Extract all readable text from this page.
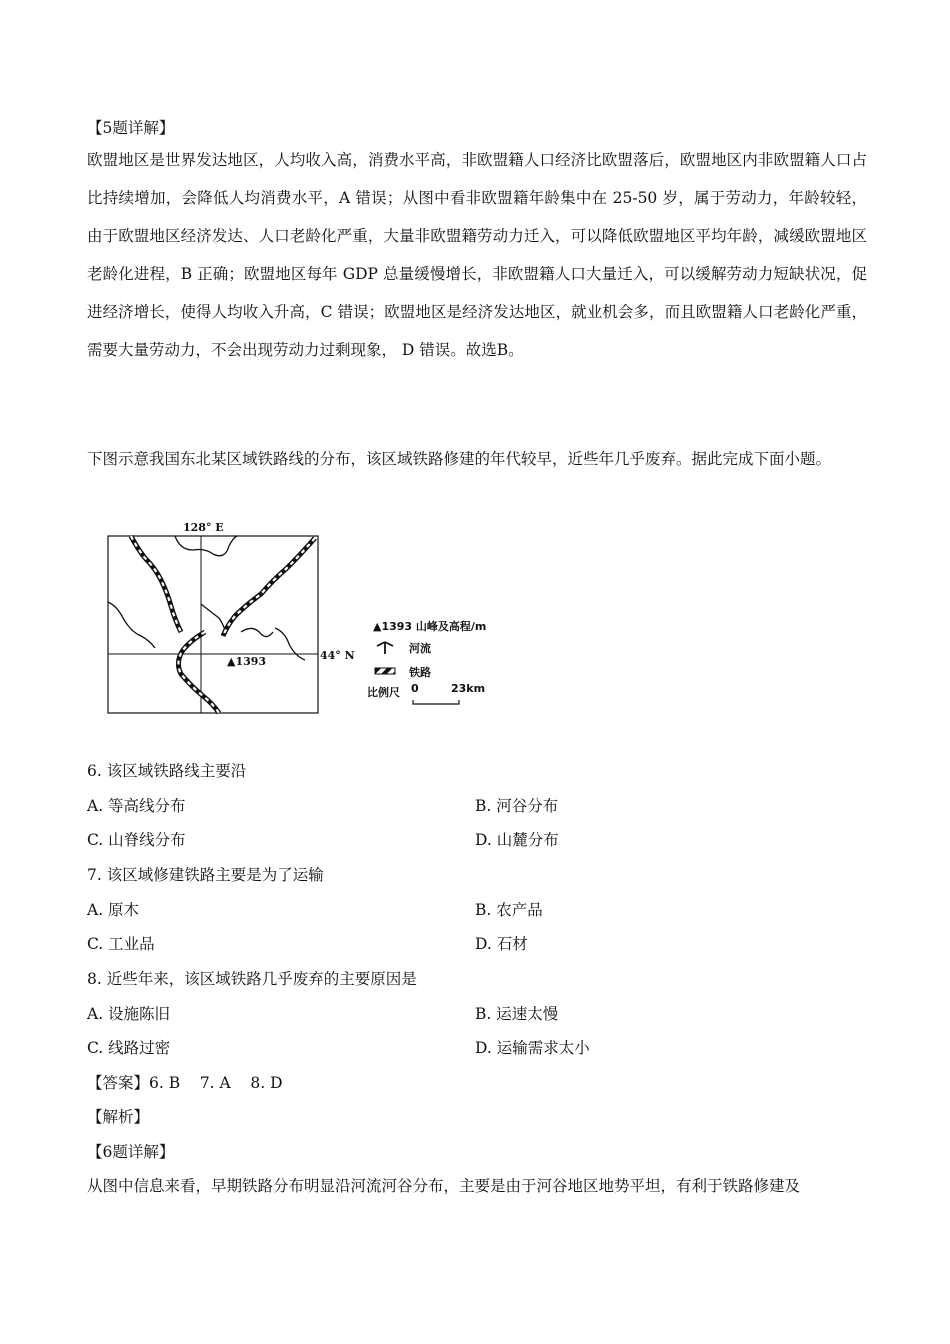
【5题详解】
欧盟地区是世界发达地区，人均收入高，消费水平高，非欧盟籍人口经济比欧盟落后，欧盟地区内非欧盟籍人口占比持续增加，会降低人均消费水平，A 错误；从图中看非欧盟籍年龄集中在 25-50 岁，属于劳动力，年龄较轻，由于欧盟地区经济发达、人口老龄化严重，大量非欧盟籍劳动力迁入，可以降低欧盟地区平均年龄，减缓欧盟地区老龄化进程，B 正确；欧盟地区每年 GDP 总量缓慢增长，非欧盟籍人口大量迁入，可以缓解劳动力短缺状况，促进经济增长，使得人均收入升高，C 错误；欧盟地区是经济发达地区，就业机会多，而且欧盟籍人口老龄化严重，需要大量劳动力，不会出现劳动力过剩现象， D 错误。故选B。
下图示意我国东北某区域铁路线的分布，该区域铁路修建的年代较早，近些年几乎废弃。据此完成下面小题。
128° E
44° N
▲1393
▲1393 山峰及高程/m
河流
铁路
比例尺 0	23km
6. 该区域铁路线主要沿
A. 等高线分布	B. 河谷分布
C. 山脊线分布	D. 山麓分布
7. 该区域修建铁路主要是为了运输
A. 原木	B. 农产品
C. 工业品	D. 石材
8. 近些年来，该区域铁路几乎废弃的主要原因是
A. 设施陈旧	B. 运速太慢
C. 线路过密	D. 运输需求太小
【答案】6. B    7. A    8. D
【解析】
【6题详解】
从图中信息来看，早期铁路分布明显沿河流河谷分布，主要是由于河谷地区地势平坦，有利于铁路修建及
